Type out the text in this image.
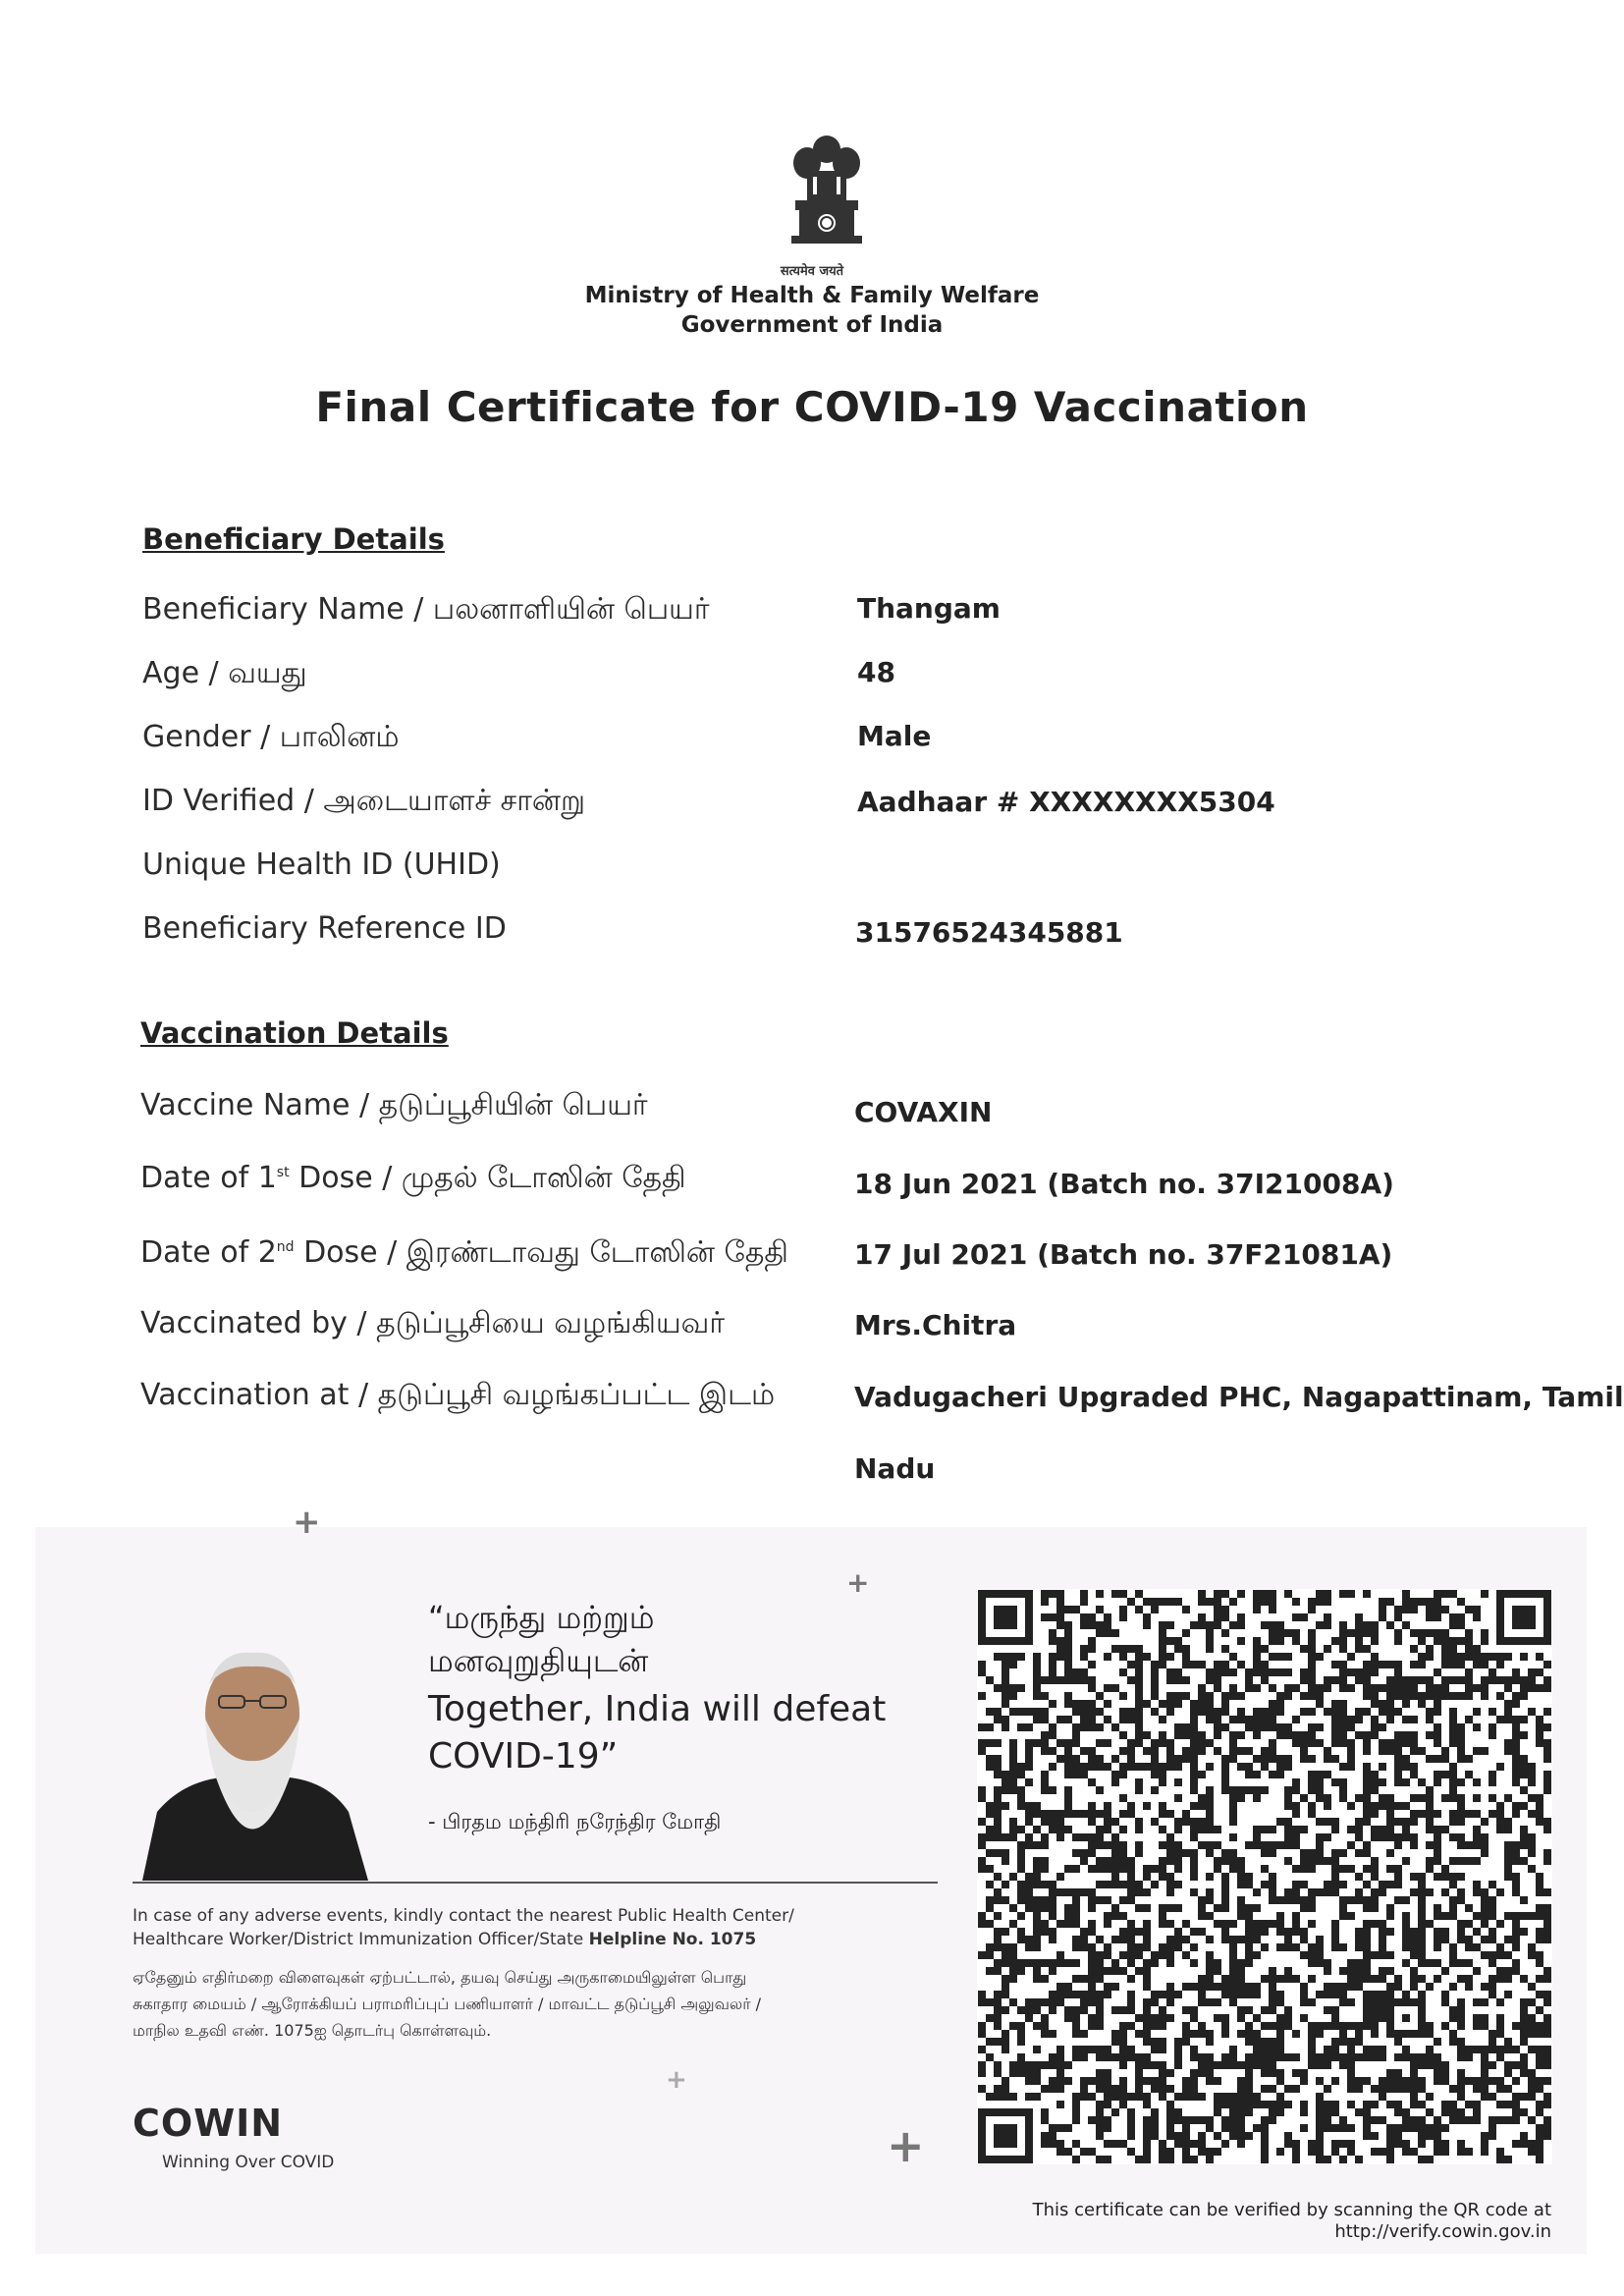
सत्यमेव जयते
Ministry of Health & Family Welfare
Government of India
Final Certificate for COVID-19 Vaccination
Beneficiary Details
Beneficiary Name / பலனாளியின் பெயர்	Thangam
Age / வயது	48
Gender / பாலினம்	Male
ID Verified / அடையாளச் சான்று	Aadhaar # XXXXXXXX5304
Unique Health ID (UHID)
Beneficiary Reference ID	31576524345881
Vaccination Details
Vaccine Name / தடுப்பூசியின் பெயர்	COVAXIN
Date of 1st Dose / முதல் டோஸின் தேதி	18 Jun 2021 (Batch no. 37I21008A)
Date of 2nd Dose / இரண்டாவது டோஸின் தேதி 17 Jul 2021 (Batch no. 37F21081A)
Vaccinated by / தடுப்பூசியை வழங்கியவர்	Mrs.Chitra
Vaccination at / தடுப்பூசி வழங்கப்பட்ட இடம்	Vadugacheri Upgraded PHC, Nagapattinam, Tamil
Nadu
+
+
+
+
“மருந்து மற்றும்
மனவுறுதியுடன்
Together, India will defeat
COVID-19”
- பிரதம மந்திரி நரேந்திர மோதி
In case of any adverse events, kindly contact the nearest Public Health Center/
Healthcare Worker/District Immunization Officer/State Helpline No. 1075
ஏதேனும் எதிர்மறை விளைவுகள் ஏற்பட்டால், தயவு செய்து அருகாமையிலுள்ள பொது
சுகாதார மையம் / ஆரோக்கியப் பராமரிப்புப் பணியாளர் / மாவட்ட தடுப்பூசி அலுவலர் /
மாநில உதவி எண். 1075ஐ தொடர்பு கொள்ளவும்.
COWIN
Winning Over COVID
This certificate can be verified by scanning the QR code at
http://verify.cowin.gov.in
